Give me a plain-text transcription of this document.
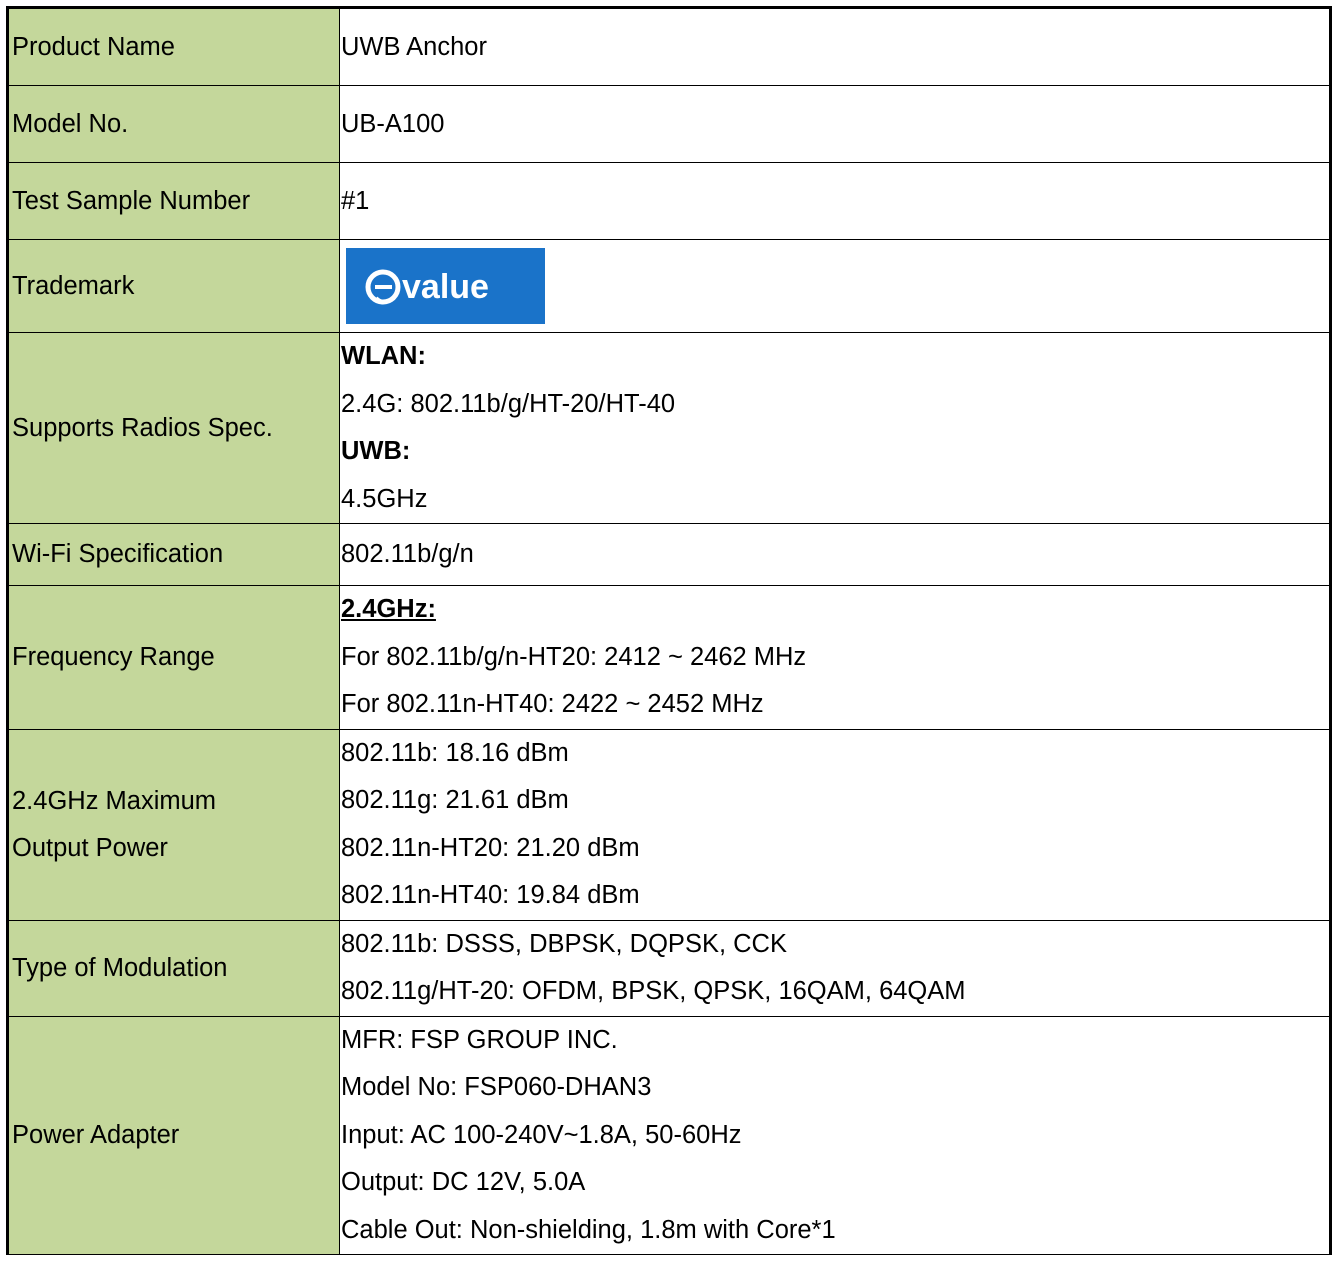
Product Name	UWB Anchor

Model No.	UB-A100

Test Sample Number	#1

Trademark	value

Supports Radios Spec.	WLAN:
2.4G: 802.11b/g/HT-20/HT-40
UWB:
4.5GHz

Wi-Fi Specification	802.11b/g/n

Frequency Range	2.4GHz:
For 802.11b/g/n-HT20: 2412 ~ 2462 MHz
For 802.11n-HT40: 2422 ~ 2452 MHz

2.4GHz Maximum
Output Power	802.11b: 18.16 dBm
802.11g: 21.61 dBm
802.11n-HT20: 21.20 dBm
802.11n-HT40: 19.84 dBm

Type of Modulation	802.11b: DSSS, DBPSK, DQPSK, CCK
802.11g/HT-20: OFDM, BPSK, QPSK, 16QAM, 64QAM

Power Adapter	MFR: FSP GROUP INC.
Model No: FSP060-DHAN3
Input: AC 100-240V~1.8A, 50-60Hz
Output: DC 12V, 5.0A
Cable Out: Non-shielding, 1.8m with Core*1
